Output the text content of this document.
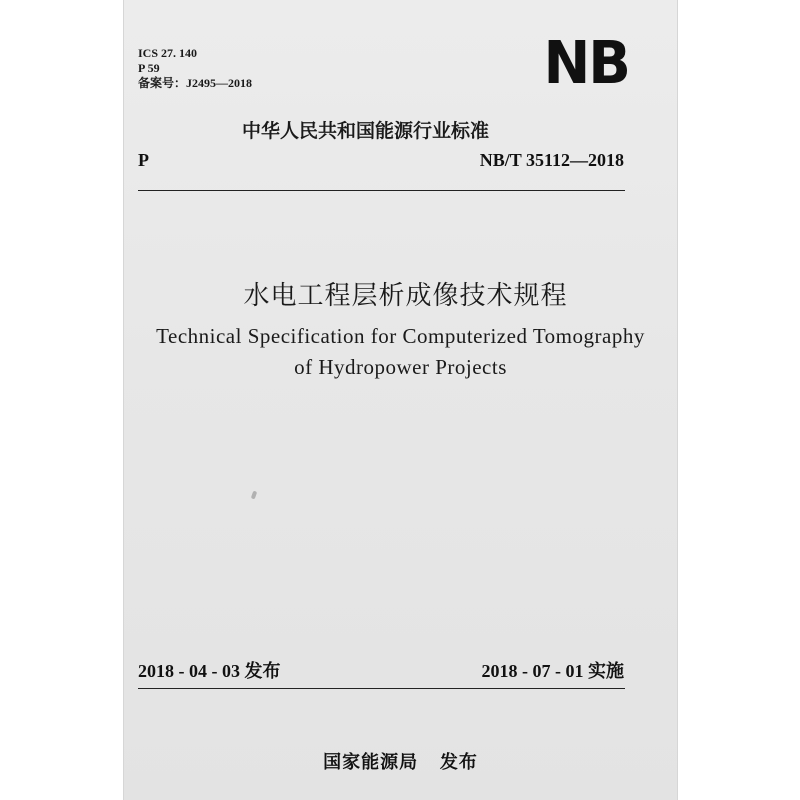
ICS 27. 140
P 59
备案号：J2495—2018	NB
中华人民共和国能源行业标准
P	NB/T 35112—2018
水电工程层析成像技术规程
Technical Specification for Computerized Tomography
of Hydropower Projects
2018 - 04 - 03 发布	2018 - 07 - 01 实施
国家能源局 发布
